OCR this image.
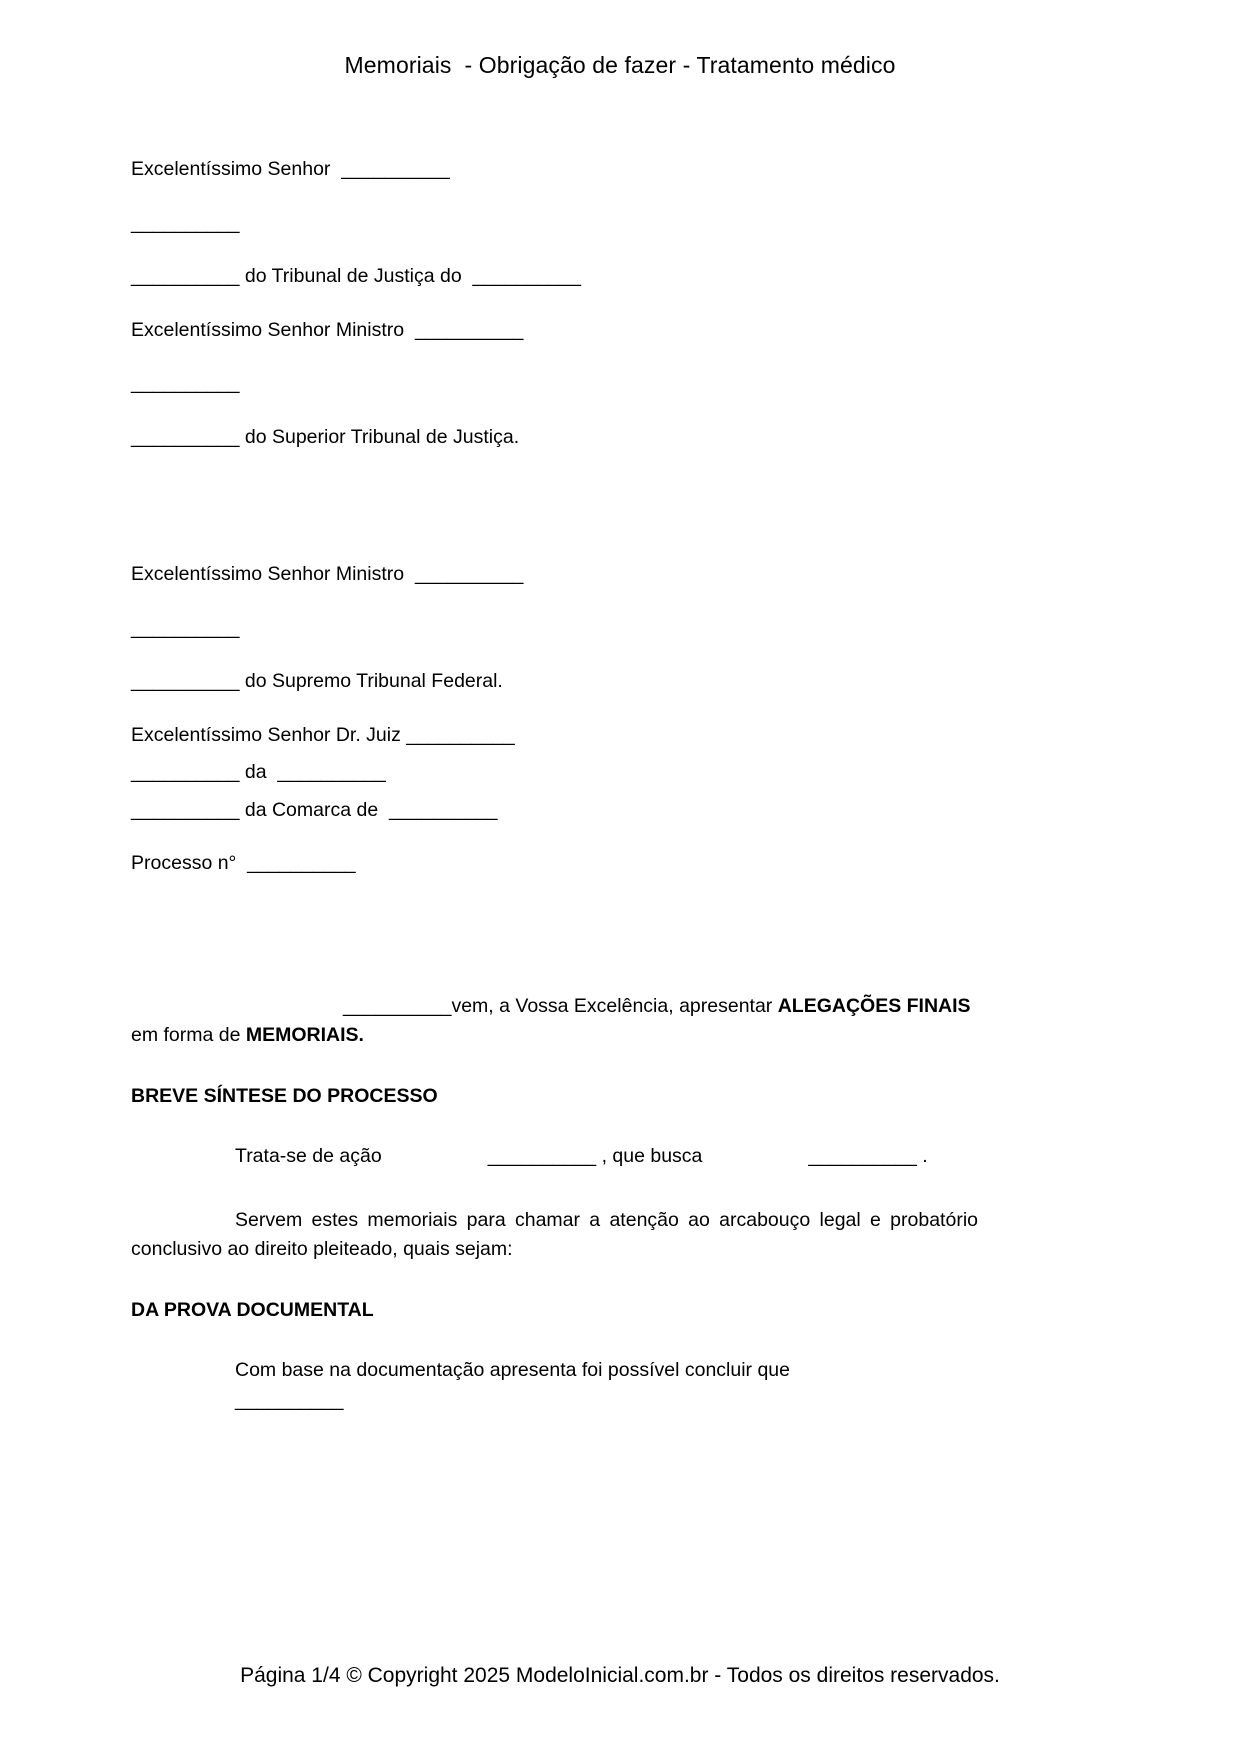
Memoriais  - Obrigação de fazer - Tratamento médico

Excelentíssimo Senhor  __________

__________

__________ do Tribunal de Justiça do  __________

Excelentíssimo Senhor Ministro  __________

__________

__________ do Superior Tribunal de Justiça.

Excelentíssimo Senhor Ministro  __________

__________

__________ do Supremo Tribunal Federal.

Excelentíssimo Senhor Dr. Juiz __________

__________ da  __________

__________ da Comarca de  __________

Processo n°  __________

__________vem, a Vossa Excelência, apresentar ALEGAÇÕES FINAIS
em forma de MEMORIAIS.

BREVE SÍNTESE DO PROCESSO

Trata-se de ação	__________ , que busca	__________ .

Servem estes memoriais para chamar a atenção ao arcabouço legal e probatório conclusivo ao direito pleiteado, quais sejam:

DA PROVA DOCUMENTAL

Com base na documentação apresenta foi possível concluir que
__________

Página 1/4 © Copyright 2025 ModeloInicial.com.br - Todos os direitos reservados.
